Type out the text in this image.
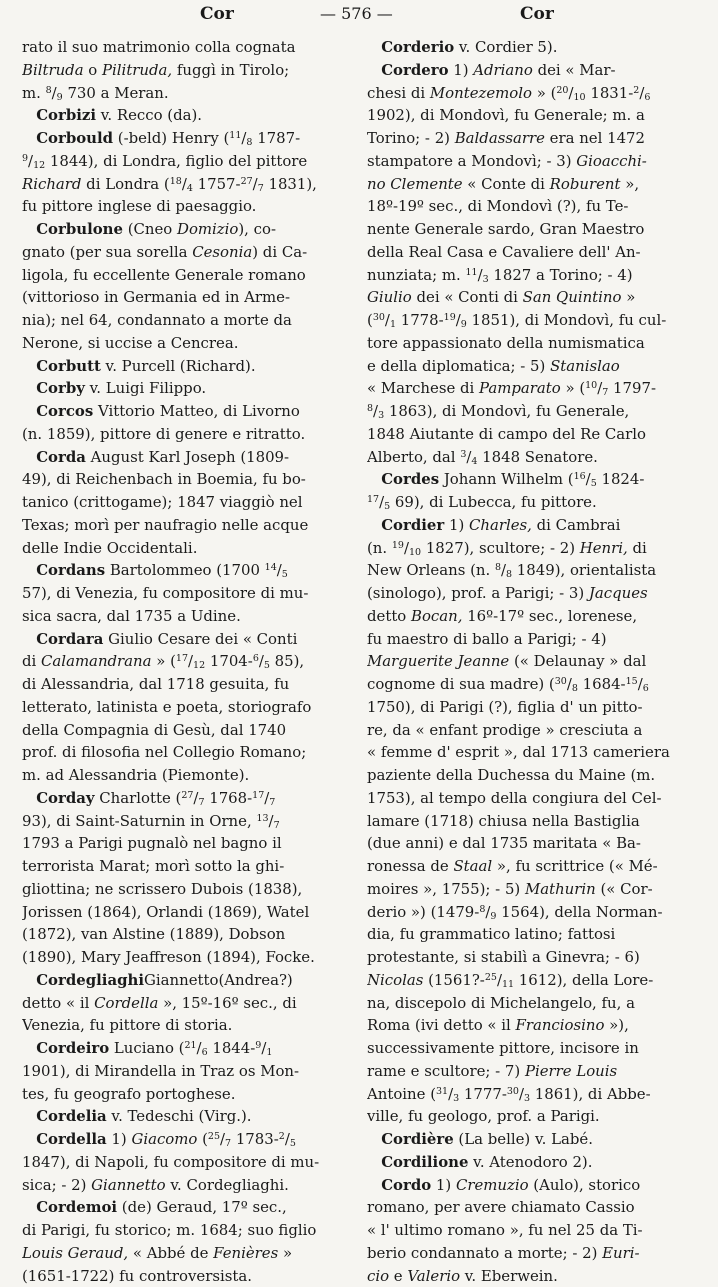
Cor	— 576 —	Cor
rato il suo matrimonio colla cognata
Biltruda o Pilitruda, fuggì in Tirolo;
m. $^8/_9$ 730 a Meran.
Corbizi v. Recco (da).
Corbould (-beld) Henry ($^{11}/_8$ 1787-
$^9/_{12}$ 1844), di Londra, figlio del pittore
Richard di Londra ($^{18}/_4$ $1757-^{27}/_7$ 1831),
fu pittore inglese di paesaggio.
Corbulone (Cneo Domizio), co-
gnato (per sua sorella Cesonia) di Ca-
ligola, fu eccellente Generale romano
(vittorioso in Germania ed in Arme-
nia); nel 64, condannato a morte da
Nerone, si uccise a Cencrea.
Corbutt v. Purcell (Richard).
Corby v. Luigi Filippo.
Corcos Vittorio Matteo, di Livorno
(n. 1859), pittore di genere e ritratto.
Corda August Karl Joseph (1809-
49), di Reichenbach in Boemia, fu bo-
tanico (crittogame); 1847 viaggiò nel
Texas; morì per naufragio nelle acque
delle Indie Occidentali.
Cordans Bartolommeo (1700 $^{14}/_5$
57), di Venezia, fu compositore di mu-
sica sacra, dal 1735 a Udine.
Cordara Giulio Cesare dei « Conti
di Calamandrana » ($^{17}/_{12}$ $1704-^6/_5$ 85),
di Alessandria, dal 1718 gesuita, fu
letterato, latinista e poeta, storiografo
della Compagnia di Gesù, dal 1740
prof. di filosofia nel Collegio Romano;
m. ad Alessandria (Piemonte).
Corday Charlotte ($^{27}/_7$ $1768-^{17}/_7$
93), di Saint-Saturnin in Orne, $^{13}/_7$
1793 a Parigi pugnalò nel bagno il
terrorista Marat; morì sotto la ghi-
gliottina; ne scrissero Dubois (1838),
Jorissen (1864), Orlandi (1869), Watel
(1872), van Alstine (1889), Dobson
(1890), Mary Jeaffreson (1894), Focke.
CordegliaghiGiannetto(Andrea?)
detto « il Cordella », 15º-16º sec., di
Venezia, fu pittore di storia.
Cordeiro Luciano ($^{21}/_6$ $1844-^9/_1$
1901), di Mirandella in Traz os Mon-
tes, fu geografo portoghese.
Cordelia v. Tedeschi (Virg.).
Cordella 1) Giacomo ($^{25}/_7$ $1783-^2/_5$
1847), di Napoli, fu compositore di mu-
sica; - 2) Giannetto v. Cordegliaghi.
Cordemoi (de) Geraud, 17º sec.,
di Parigi, fu storico; m. 1684; suo figlio
Louis Geraud, « Abbé de Fenières »
(1651-1722) fu controversista.
Corderio v. Cordier 5).
Cordero 1) Adriano dei « Mar-
chesi di Montezemolo » ($^{20}/_{10}$ $1831-^2/_6$
1902), di Mondovì, fu Generale; m. a
Torino; - 2) Baldassarre era nel 1472
stampatore a Mondovì; - 3) Gioacchi-
no Clemente « Conte di Roburent »,
18º-19º sec., di Mondovì (?), fu Te-
nente Generale sardo, Gran Maestro
della Real Casa e Cavaliere dell' An-
nunziata; m. $^{11}/_3$ 1827 a Torino; - 4)
Giulio dei « Conti di San Quintino »
($^{30}/_1$ $1778-^{19}/_9$ 1851), di Mondovì, fu cul-
tore appassionato della numismatica
e della diplomatica; - 5) Stanislao
« Marchese di Pamparato » ($^{10}/_7$ 1797-
$^8/_3$ 1863), di Mondovì, fu Generale,
1848 Aiutante di campo del Re Carlo
Alberto, dal $^3/_4$ 1848 Senatore.
Cordes Johann Wilhelm ($^{16}/_5$ 1824-
$^{17}/_5$ 69), di Lubecca, fu pittore.
Cordier 1) Charles, di Cambrai
(n. $^{19}/_{10}$ 1827), scultore; - 2) Henri, di
New Orleans (n. $^8/_8$ 1849), orientalista
(sinologo), prof. a Parigi; - 3) Jacques
detto Bocan, 16º-17º sec., lorenese,
fu maestro di ballo a Parigi; - 4)
Marguerite Jeanne (« Delaunay » dal
cognome di sua madre) ($^{30}/_8$ $1684-^{15}/_6$
1750), di Parigi (?), figlia d' un pitto-
re, da « enfant prodige » cresciuta a
« femme d' esprit », dal 1713 cameriera
paziente della Duchessa du Maine (m.
1753), al tempo della congiura del Cel-
lamare (1718) chiusa nella Bastiglia
(due anni) e dal 1735 maritata « Ba-
ronessa de Staal », fu scrittrice (« Mé-
moires », 1755); - 5) Mathurin (« Cor-
derio ») ($1479-^8/_9$ 1564), della Norman-
dia, fu grammatico latino; fattosi
protestante, si stabilì a Ginevra; - 6)
Nicolas ($1561?-^{25}/_{11}$ 1612), della Lore-
na, discepolo di Michelangelo, fu, a
Roma (ivi detto « il Franciosino »),
successivamente pittore, incisore in
rame e scultore; - 7) Pierre Louis
Antoine ($^{31}/_3$ $1777-^{30}/_3$ 1861), di Abbe-
ville, fu geologo, prof. a Parigi.
Cordière (La belle) v. Labé.
Cordilione v. Atenodoro 2).
Cordo 1) Cremuzio (Aulo), storico
romano, per avere chiamato Cassio
« l' ultimo romano », fu nel 25 da Ti-
berio condannato a morte; - 2) Euri-
cio e Valerio v. Eberwein.
